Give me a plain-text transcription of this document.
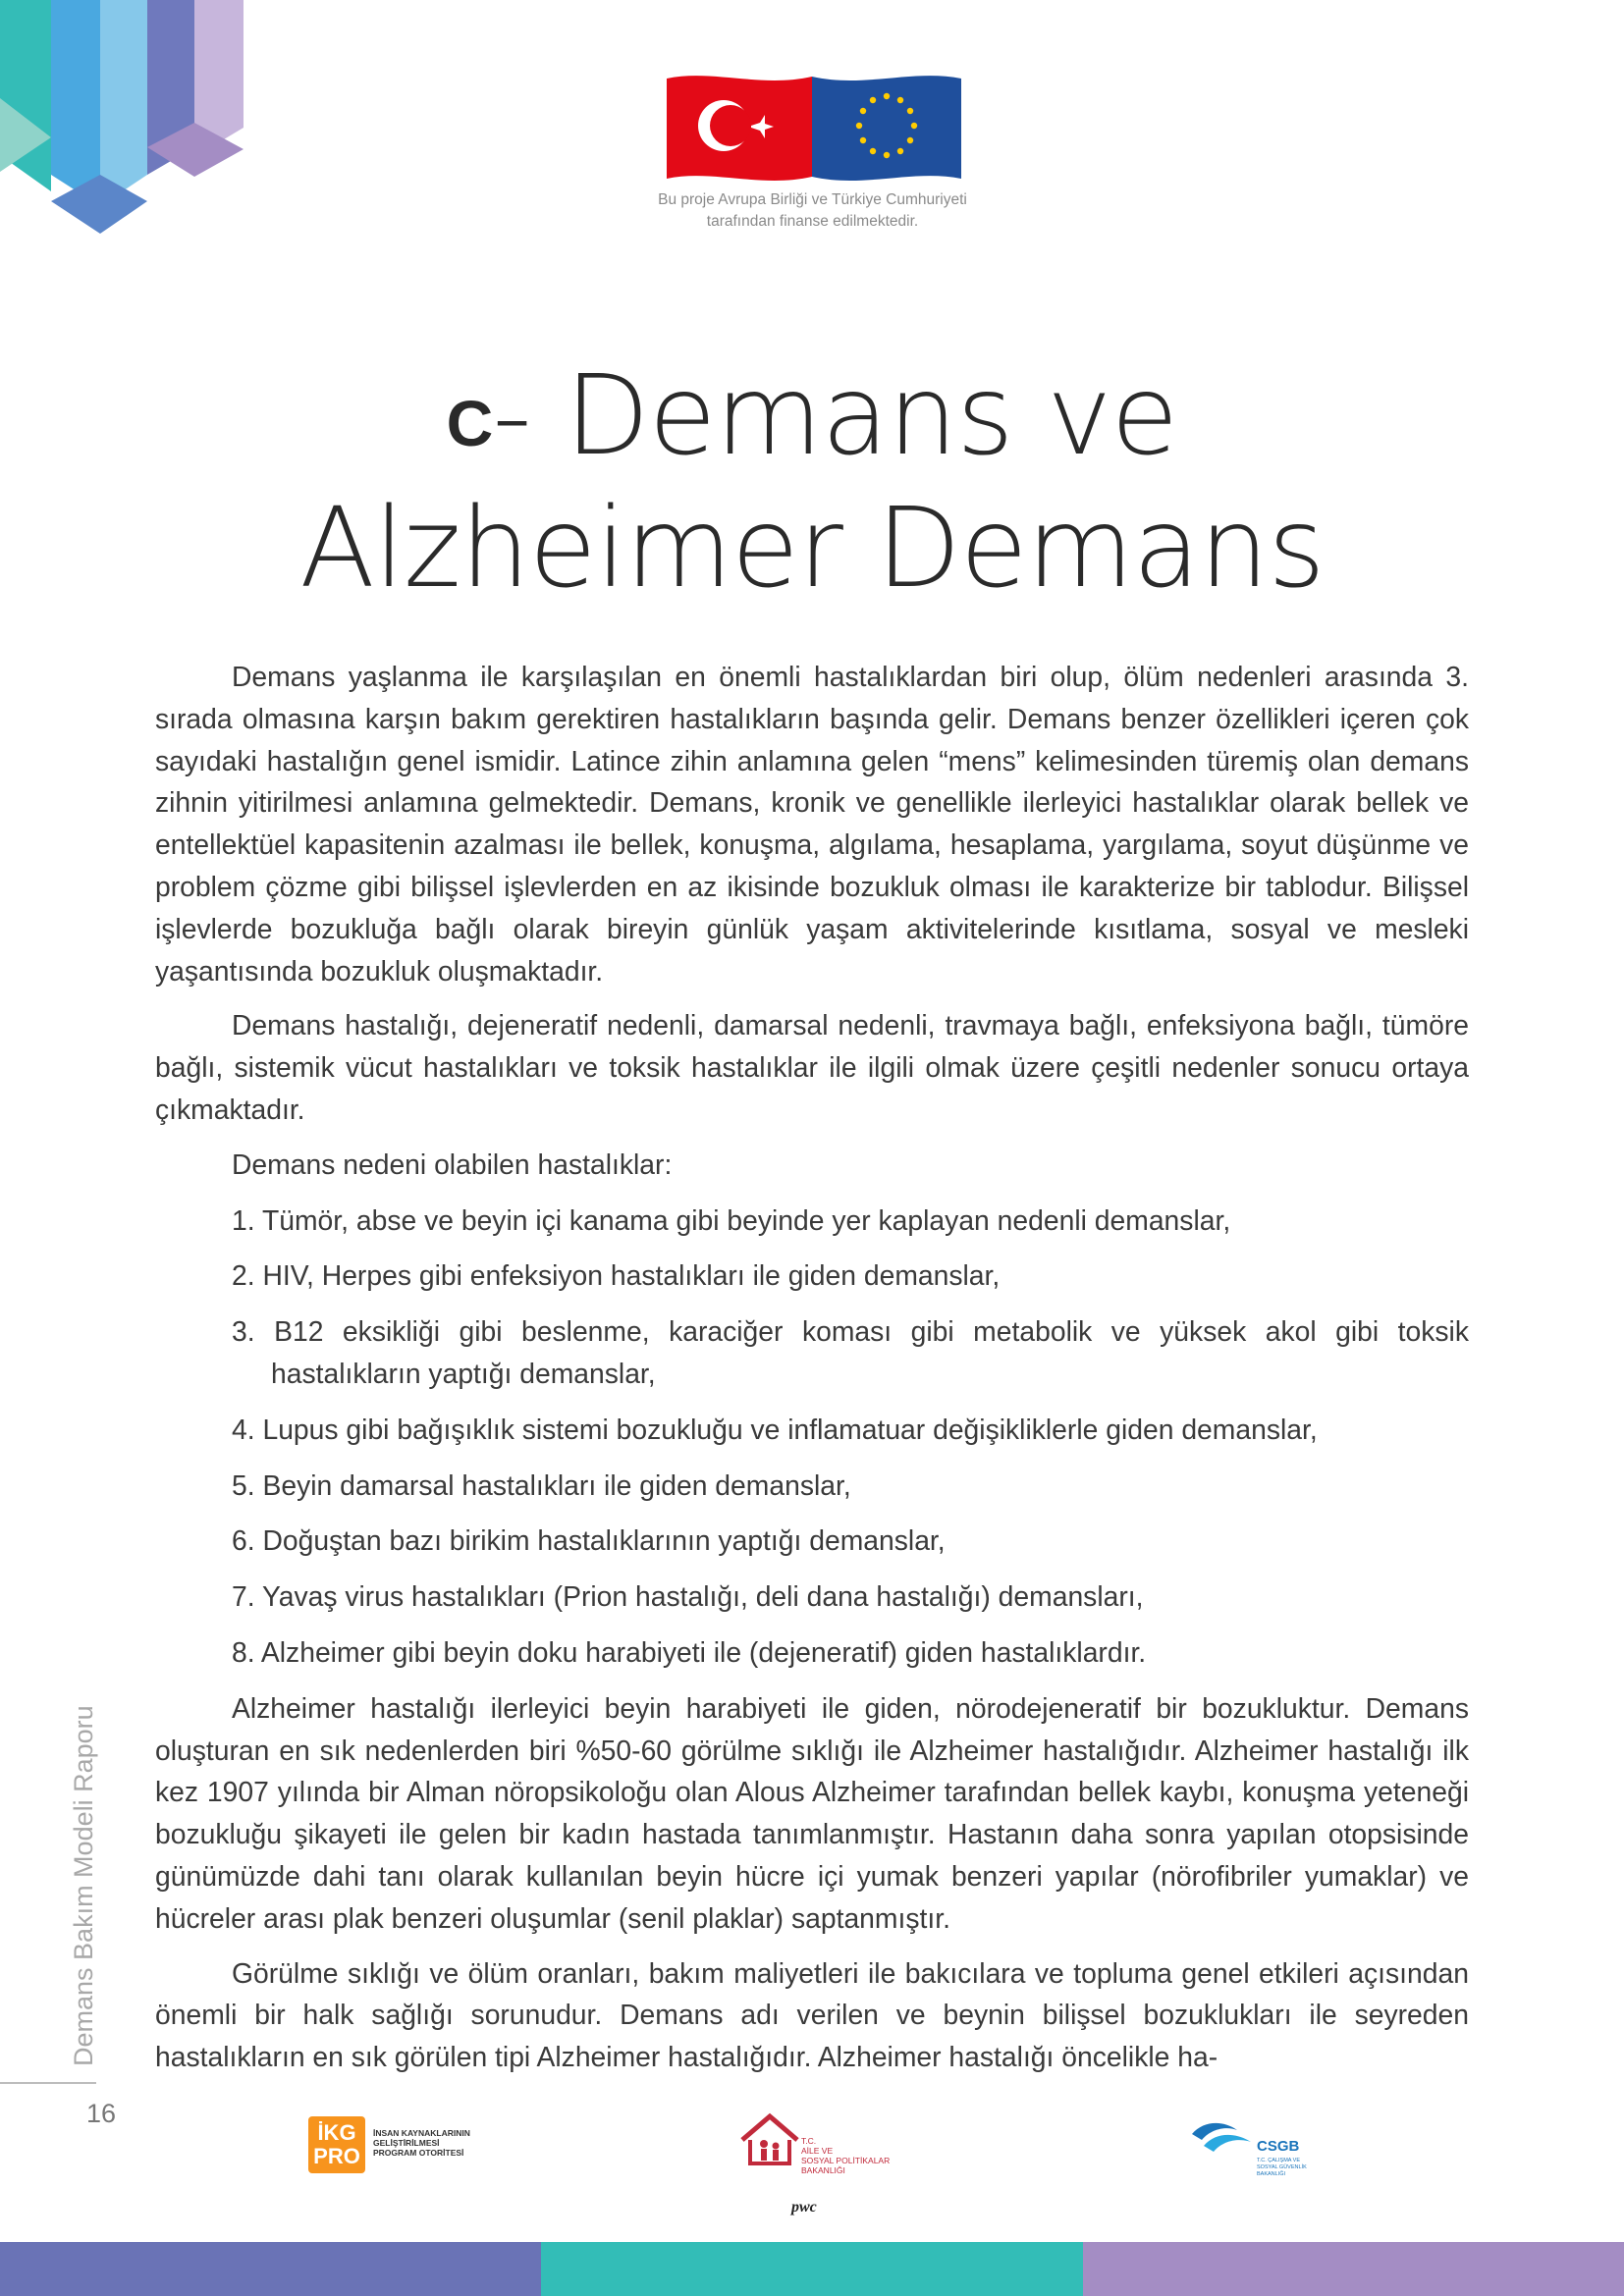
Bu proje Avrupa Birliği ve Türkiye Cumhuriyeti
tarafından finanse edilmektedir.
C- Demans ve
Alzheimer Demans

Demans yaşlanma ile karşılaşılan en önemli hastalıklardan biri olup, ölüm nedenleri arasında 3. sırada olmasına karşın bakım gerektiren hastalıkların başında gelir. Demans benzer özellikleri içeren çok sayıdaki hastalığın genel ismidir. Latince zihin anlamına gelen “mens” kelimesinden türemiş olan demans zihnin yitirilmesi anlamına gelmektedir. Demans, kronik ve genellikle ilerleyici hastalıklar olarak bellek ve entellektüel kapasitenin azalması ile bellek, konuşma, algılama, hesaplama, yargılama, soyut düşünme ve problem çözme gibi bilişsel işlevlerden en az ikisinde bozukluk olması ile karakterize bir tablodur. Bilişsel işlevlerde bozukluğa bağlı olarak bireyin günlük yaşam aktivitelerinde kısıtlama, sosyal ve mesleki yaşantısında bozukluk oluşmaktadır.

Demans hastalığı, dejeneratif nedenli, damarsal nedenli, travmaya bağlı, enfeksiyona bağlı, tümöre bağlı, sistemik vücut hastalıkları ve toksik hastalıklar ile ilgili olmak üzere çeşitli nedenler sonucu ortaya çıkmaktadır.

Demans nedeni olabilen hastalıklar:
1. Tümör, abse ve beyin içi kanama gibi beyinde yer kaplayan nedenli demanslar,
2. HIV, Herpes gibi enfeksiyon hastalıkları ile giden demanslar,
3. B12 eksikliği gibi beslenme, karaciğer koması gibi metabolik ve yüksek akol gibi toksik hastalıkların yaptığı demanslar,
4. Lupus gibi bağışıklık sistemi bozukluğu ve inflamatuar değişikliklerle giden demanslar,
5. Beyin damarsal hastalıkları ile giden demanslar,
6. Doğuştan bazı birikim hastalıklarının yaptığı demanslar,
7. Yavaş virus hastalıkları (Prion hastalığı, deli dana hastalığı) demansları,
8. Alzheimer gibi beyin doku harabiyeti ile (dejeneratif) giden hastalıklardır.

Alzheimer hastalığı ilerleyici beyin harabiyeti ile giden, nörodejeneratif bir bozukluktur. Demans oluşturan en sık nedenlerden biri %50-60 görülme sıklığı ile Alzheimer hastalığıdır. Alzheimer hastalığı ilk kez 1907 yılında bir Alman nöropsikoloğu olan Alous Alzheimer tarafından bellek kaybı, konuşma yeteneği bozukluğu şikayeti ile gelen bir kadın hastada tanımlanmıştır. Hastanın daha sonra yapılan otopsisinde günümüzde dahi tanı olarak kullanılan beyin hücre içi yumak benzeri yapılar (nörofibriler yumaklar) ve hücreler arası plak benzeri oluşumlar (senil plaklar) saptanmıştır.

Görülme sıklığı ve ölüm oranları, bakım maliyetleri ile bakıcılara ve topluma genel etkileri açısından önemli bir halk sağlığı sorunudur. Demans adı verilen ve beynin bilişsel bozuklukları ile seyreden hastalıkların en sık görülen tipi Alzheimer hastalığıdır. Alzheimer hastalığı öncelikle ha-

Demans Bakım Modeli Raporu
16
İKG
PRO
İNSAN KAYNAKLARININ
GELİŞTİRİLMESİ
PROGRAM OTORİTESİ
T.C.
AİLE VE
SOSYAL POLİTİKALAR
BAKANLIĞI
pwc
CSGB
T.C. ÇALIŞMA VE
SOSYAL GÜVENLİK
BAKANLIĞI
